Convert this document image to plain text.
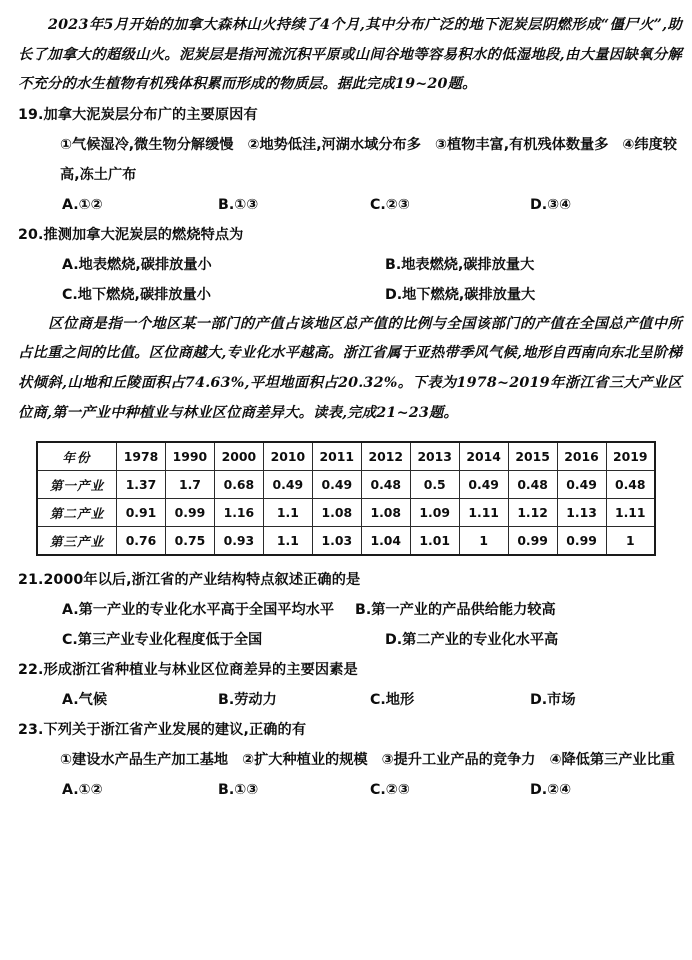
2023年5月开始的加拿大森林山火持续了4个月,其中分布广泛的地下泥炭层阴燃形成“僵尸火”,助长了加拿大的超级山火。泥炭层是指河流沉积平原或山间谷地等容易积水的低湿地段,由大量因缺氧分解不充分的水生植物有机残体积累而形成的物质层。据此完成19~20题。

19.加拿大泥炭层分布广的主要原因有
①气候湿冷,微生物分解缓慢 ②地势低洼,河湖水域分布多 ③植物丰富,有机残体数量多 ④纬度较高,冻土广布
A.①②	B.①③	C.②③	D.③④
20.推测加拿大泥炭层的燃烧特点为
A.地表燃烧,碳排放量小	B.地表燃烧,碳排放量大
C.地下燃烧,碳排放量小	D.地下燃烧,碳排放量大

区位商是指一个地区某一部门的产值占该地区总产值的比例与全国该部门的产值在全国总产值中所占比重之间的比值。区位商越大,专业化水平越高。浙江省属于亚热带季风气候,地形自西南向东北呈阶梯状倾斜,山地和丘陵面积占74.63%,平坦地面积占20.32%。下表为1978~2019年浙江省三大产业区位商,第一产业中种植业与林业区位商差异大。读表,完成21~23题。

年份	1978	1990	2000	2010	2011	2012	2013	2014	2015	2016	2019
第一产业	1.37	1.7	0.68	0.49	0.49	0.48	0.5	0.49	0.48	0.49	0.48
第二产业	0.91	0.99	1.16	1.1	1.08	1.08	1.09	1.11	1.12	1.13	1.11
第三产业	0.76	0.75	0.93	1.1	1.03	1.04	1.01	1	0.99	0.99	1
21.2000年以后,浙江省的产业结构特点叙述正确的是
A.第一产业的专业化水平高于全国平均水平 B.第一产业的产品供给能力较高
C.第三产业专业化程度低于全国	D.第二产业的专业化水平高
22.形成浙江省种植业与林业区位商差异的主要因素是
A.气候	B.劳动力	C.地形	D.市场
23.下列关于浙江省产业发展的建议,正确的有
①建设水产品生产加工基地 ②扩大种植业的规模 ③提升工业产品的竞争力 ④降低第三产业比重
A.①②	B.①③	C.②③	D.②④
